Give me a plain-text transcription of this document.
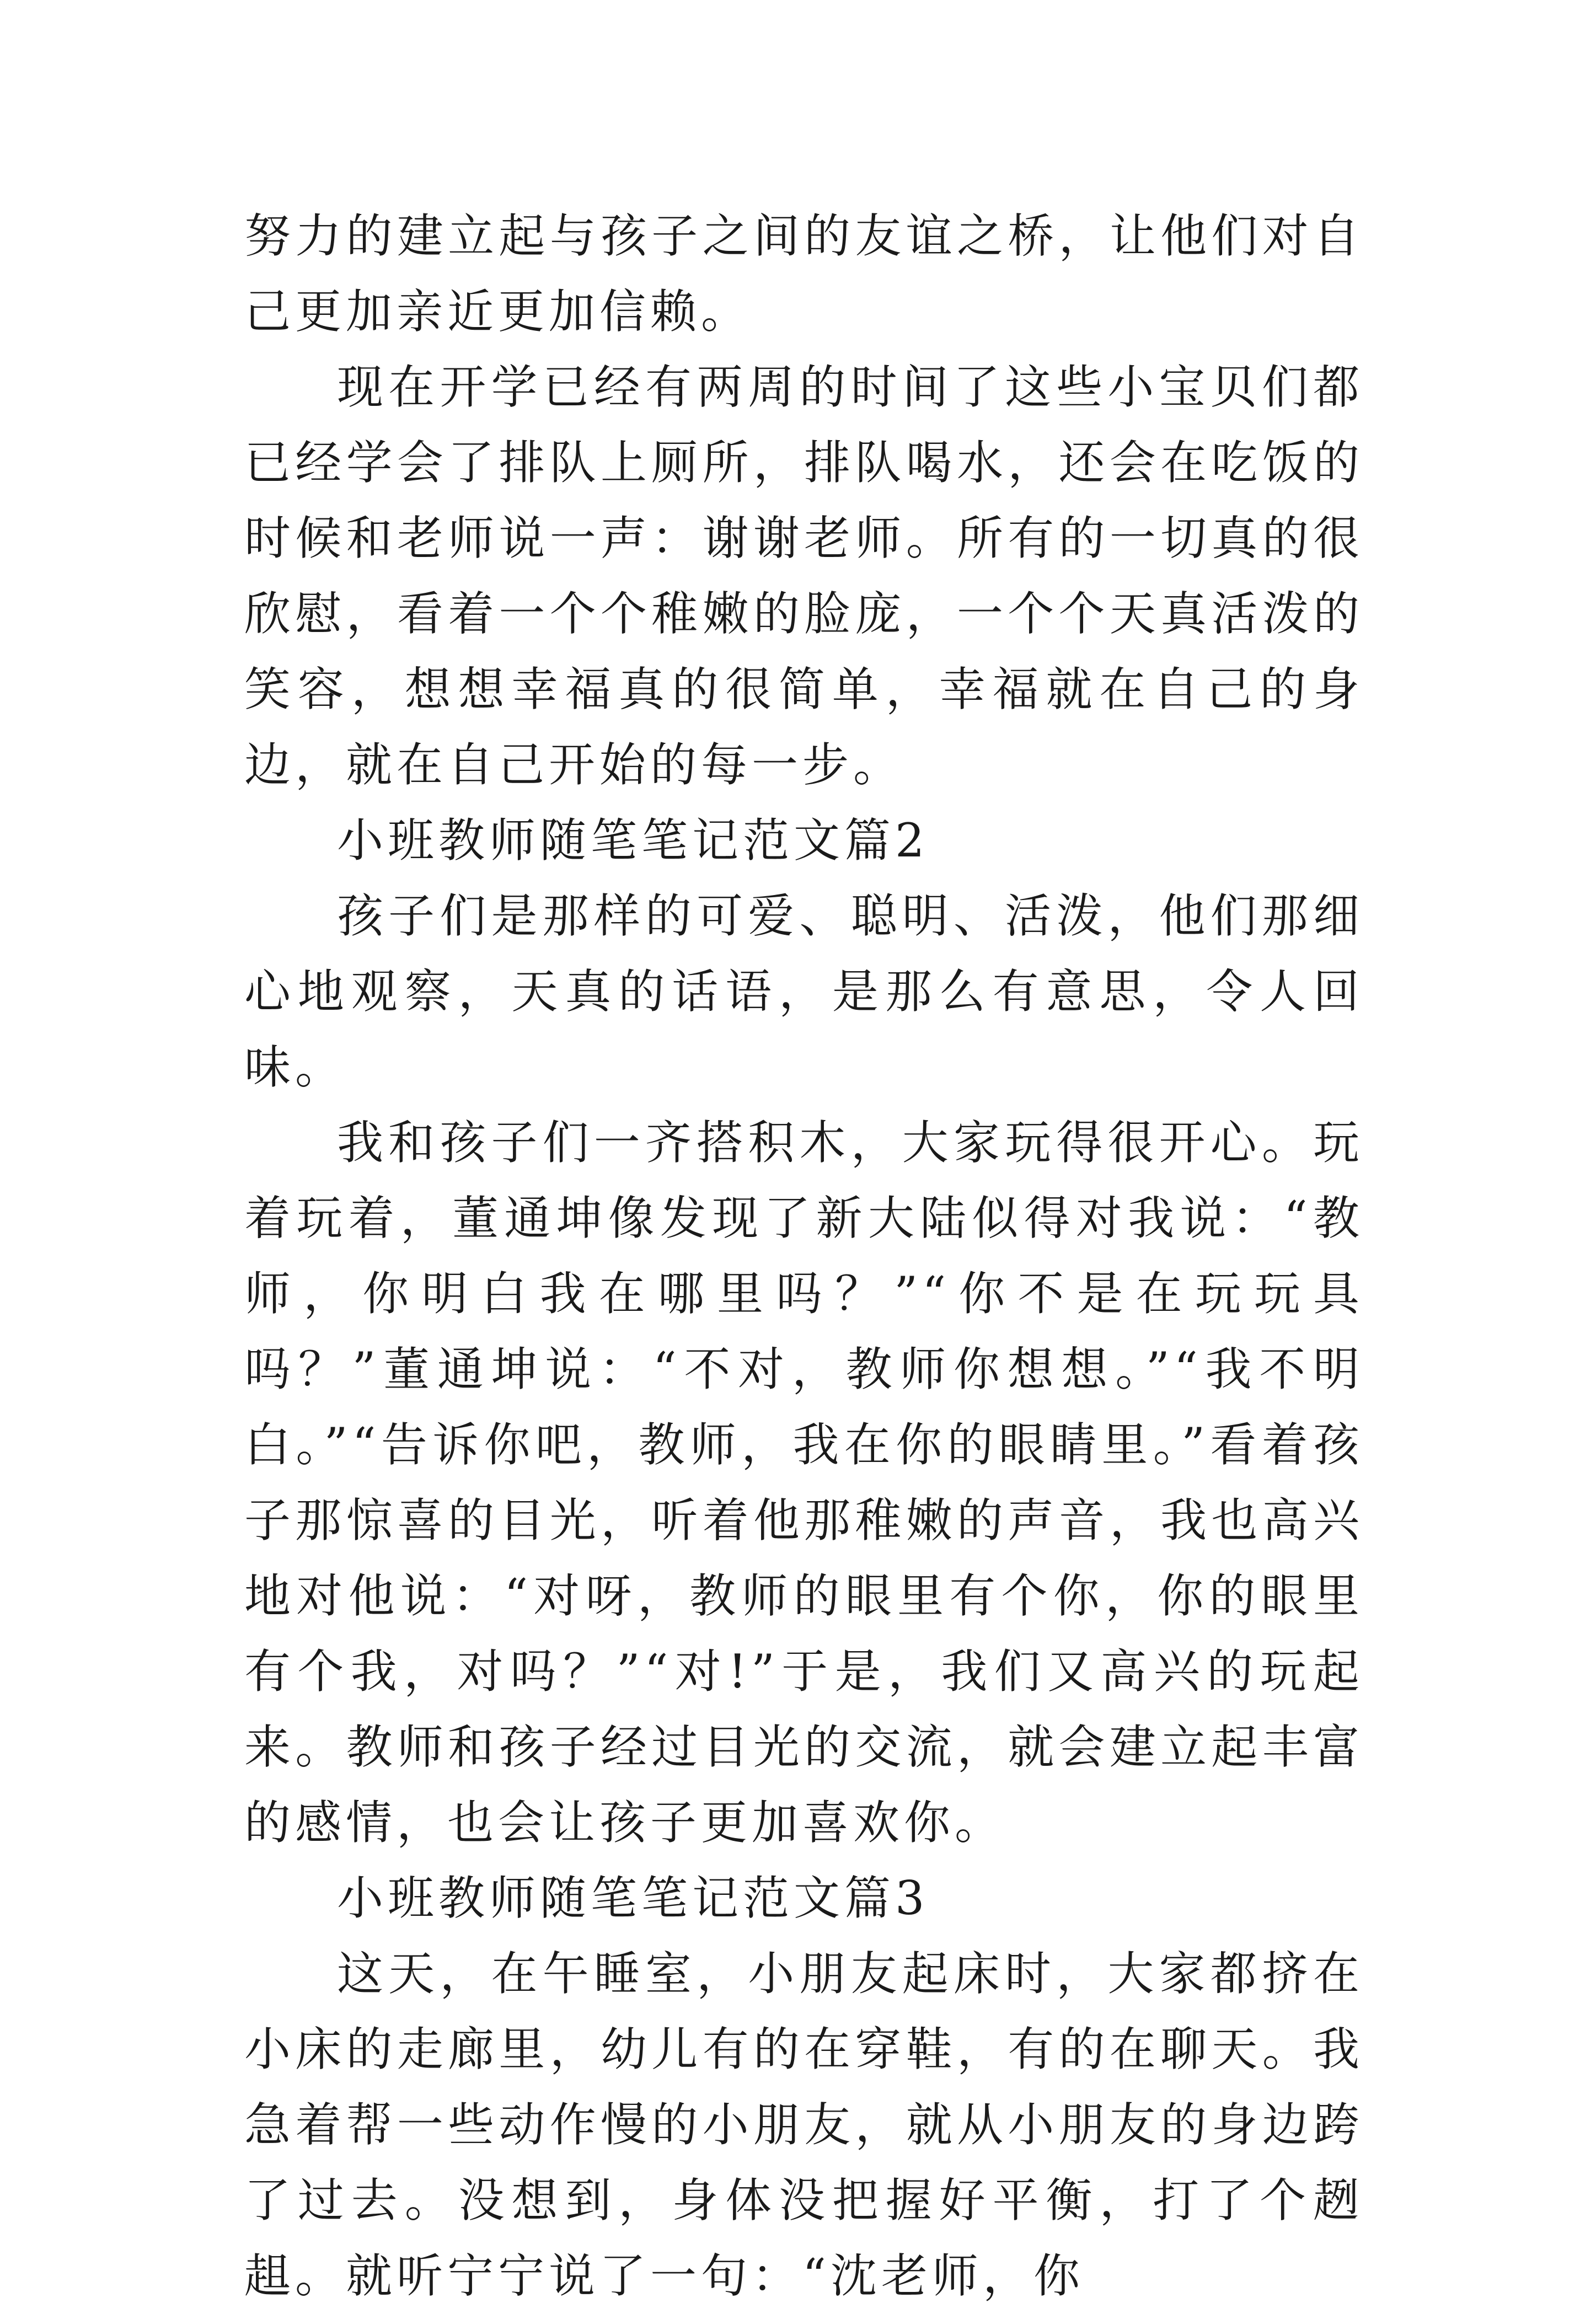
努力的建立起与孩子之间的友谊之桥，让他们对自己更加亲近更加信赖。

现在开学已经有两周的时间了这些小宝贝们都已经学会了排队上厕所，排队喝水，还会在吃饭的时候和老师说一声：谢谢老师。所有的一切真的很欣慰，看着一个个稚嫩的脸庞，一个个天真活泼的笑容，想想幸福真的很简单，幸福就在自己的身边，就在自己开始的每一步。

小班教师随笔笔记范文篇2

孩子们是那样的可爱、聪明、活泼，他们那细心地观察，天真的话语，是那么有意思，令人回味。

我和孩子们一齐搭积木，大家玩得很开心。玩着玩着，董通坤像发现了新大陆似得对我说：“教师，你明白我在哪里吗？”“你不是在玩玩具吗？”董通坤说：“不对，教师你想想。”“我不明白。”“告诉你吧，教师，我在你的眼睛里。”看着孩子那惊喜的目光，听着他那稚嫩的声音，我也高兴地对他说：“对呀，教师的眼里有个你，你的眼里有个我，对吗？”“对!”于是，我们又高兴的玩起来。教师和孩子经过目光的交流，就会建立起丰富的感情，也会让孩子更加喜欢你。

小班教师随笔笔记范文篇3

这天，在午睡室，小朋友起床时，大家都挤在小床的走廊里，幼儿有的在穿鞋，有的在聊天。我急着帮一些动作慢的小朋友，就从小朋友的身边跨了过去。没想到，身体没把握好平衡，打了个趔趄。就听宁宁说了一句：“沈老师，你
